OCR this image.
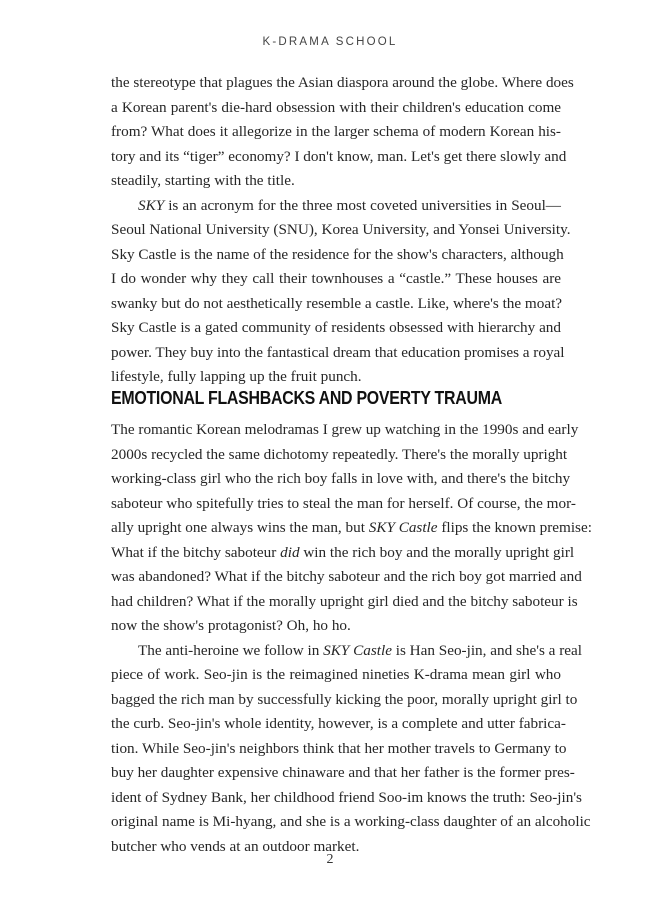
K-DRAMA SCHOOL

the stereotype that plagues the Asian diaspora around the globe. Where does
a Korean parent's die-hard obsession with their children's education come
from? What does it allegorize in the larger schema of modern Korean his-
tory and its “tiger” economy? I don't know, man. Let's get there slowly and
steadily, starting with the title.

SKY is an acronym for the three most coveted universities in Seoul—
Seoul National University (SNU), Korea University, and Yonsei University.
Sky Castle is the name of the residence for the show's characters, although
I do wonder why they call their townhouses a “castle.” These houses are
swanky but do not aesthetically resemble a castle. Like, where's the moat?
Sky Castle is a gated community of residents obsessed with hierarchy and
power. They buy into the fantastical dream that education promises a royal
lifestyle, fully lapping up the fruit punch.

EMOTIONAL FLASHBACKS AND POVERTY TRAUMA

The romantic Korean melodramas I grew up watching in the 1990s and early
2000s recycled the same dichotomy repeatedly. There's the morally upright
working-class girl who the rich boy falls in love with, and there's the bitchy
saboteur who spitefully tries to steal the man for herself. Of course, the mor-
ally upright one always wins the man, but SKY Castle flips the known premise:
What if the bitchy saboteur did win the rich boy and the morally upright girl
was abandoned? What if the bitchy saboteur and the rich boy got married and
had children? What if the morally upright girl died and the bitchy saboteur is
now the show's protagonist? Oh, ho ho.

The anti-heroine we follow in SKY Castle is Han Seo-jin, and she's a real
piece of work. Seo-jin is the reimagined nineties K-drama mean girl who
bagged the rich man by successfully kicking the poor, morally upright girl to
the curb. Seo-jin's whole identity, however, is a complete and utter fabrica-
tion. While Seo-jin's neighbors think that her mother travels to Germany to
buy her daughter expensive chinaware and that her father is the former pres-
ident of Sydney Bank, her childhood friend Soo-im knows the truth: Seo-jin's
original name is Mi-hyang, and she is a working-class daughter of an alcoholic
butcher who vends at an outdoor market.

2
